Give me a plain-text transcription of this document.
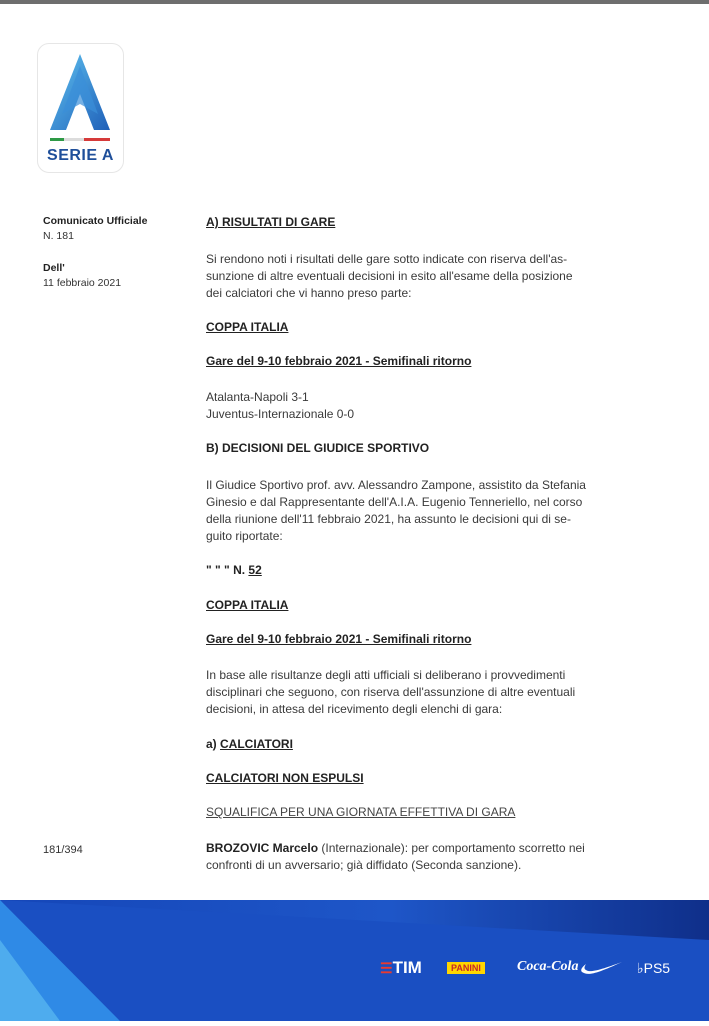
SERIE A
Comunicato Ufficiale
N. 181
Dell'
11 febbraio 2021
181/394
A) RISULTATI DI GARE
Si rendono noti i risultati delle gare sotto indicate con riserva dell'as-
sunzione di altre eventuali decisioni in esito all'esame della posizione
dei calciatori che vi hanno preso parte:
COPPA ITALIA
Gare del 9-10 febbraio 2021 - Semifinali ritorno
Atalanta-Napoli 3-1
Juventus-Internazionale 0-0
B) DECISIONI DEL GIUDICE SPORTIVO
Il Giudice Sportivo prof. avv. Alessandro Zampone, assistito da Stefania
Ginesio e dal Rappresentante dell'A.I.A. Eugenio Tenneriello, nel corso
della riunione dell'11 febbraio 2021, ha assunto le decisioni qui di se-
guito riportate:
" " " N. 52
COPPA ITALIA
Gare del 9-10 febbraio 2021 - Semifinali ritorno
In base alle risultanze degli atti ufficiali si deliberano i provvedimenti
disciplinari che seguono, con riserva dell'assunzione di altre eventuali
decisioni, in attesa del ricevimento degli elenchi di gara:
a) CALCIATORI
CALCIATORI NON ESPULSI
SQUALIFICA PER UNA GIORNATA EFFETTIVA DI GARA
BROZOVIC Marcelo (Internazionale): per comportamento scorretto nei
confronti di un avversario; già diffidato (Seconda sanzione).
☰TIM	PANINI	Coca-Cola	♭PS5
